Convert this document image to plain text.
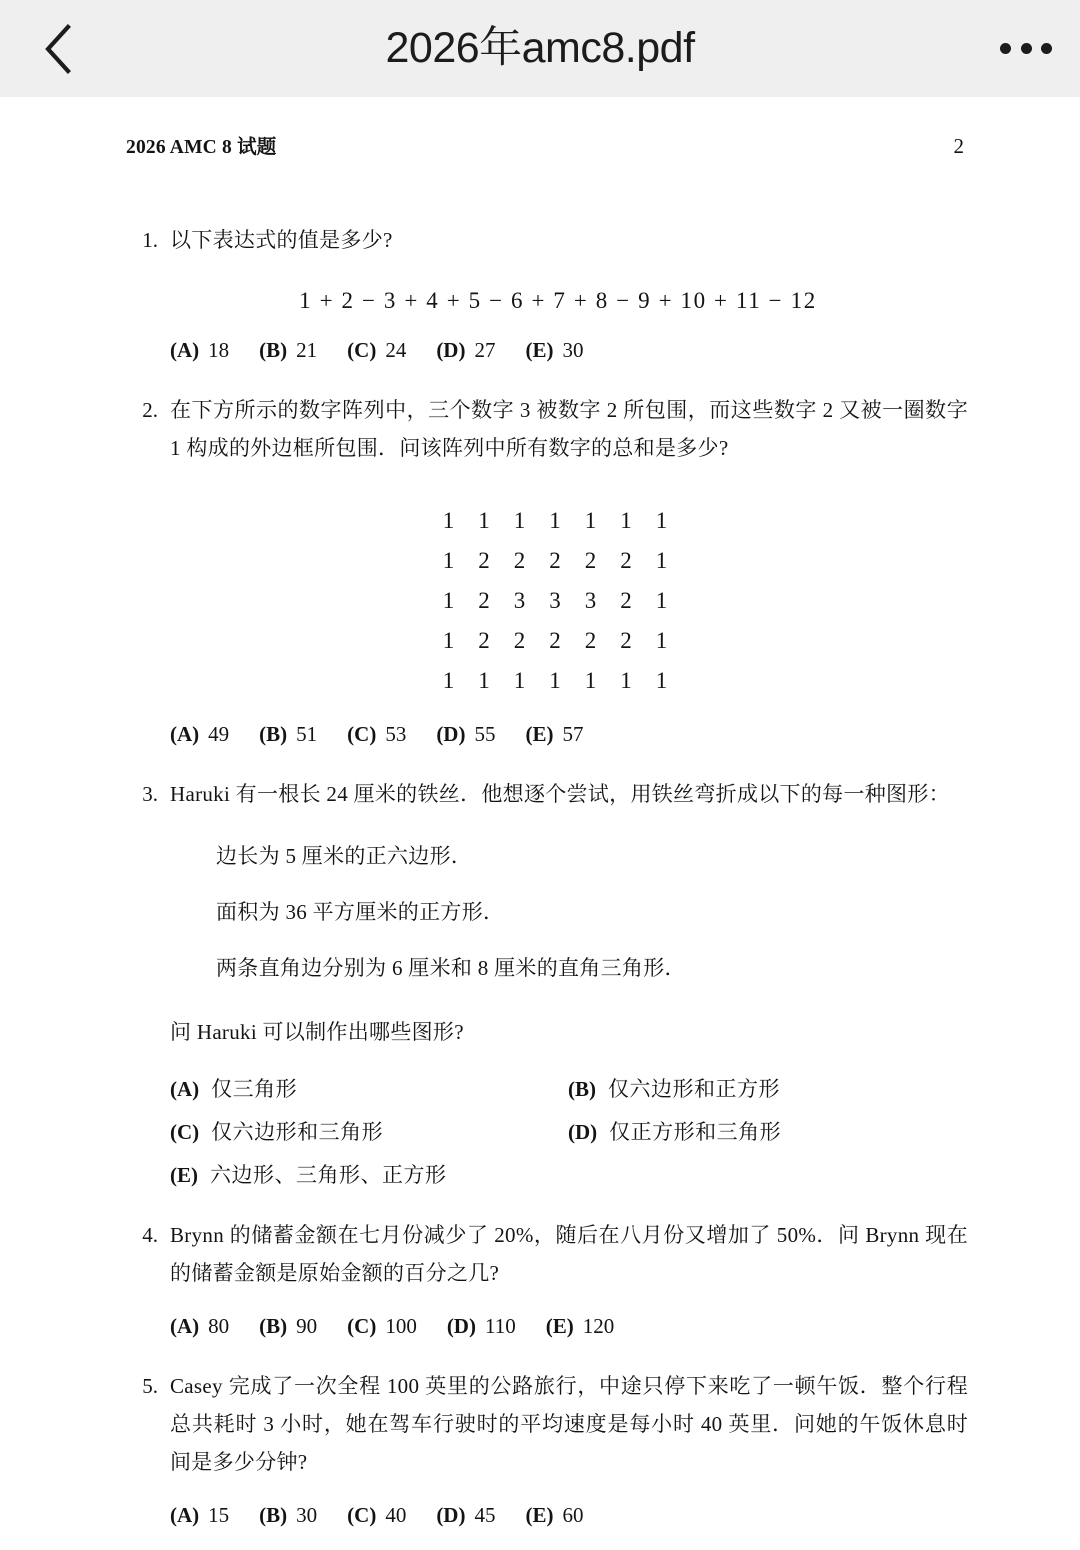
2026年amc8.pdf
2026 AMC 8 试题	2
1. 以下表达式的值是多少?
1 + 2 − 3 + 4 + 5 − 6 + 7 + 8 − 9 + 10 + 11 − 12
(A) 18 (B) 21 (C) 24 (D) 27 (E) 30
2. 在下方所示的数字阵列中，三个数字 3 被数字 2 所包围，而这些数字 2 又被一圈数字 1 构成的外边框所包围．问该阵列中所有数字的总和是多少?
1	1	1	1	1	1	1
1	2	2	2	2	2	1
1	2	3	3	3	2	1
1	2	2	2	2	2	1
1	1	1	1	1	1	1
(A) 49 (B) 51 (C) 53 (D) 55 (E) 57
3. Haruki 有一根长 24 厘米的铁丝．他想逐个尝试，用铁丝弯折成以下的每一种图形：
边长为 5 厘米的正六边形．
面积为 36 平方厘米的正方形．
两条直角边分别为 6 厘米和 8 厘米的直角三角形．
问 Haruki 可以制作出哪些图形?
(A) 仅三角形	(B) 仅六边形和正方形
(C) 仅六边形和三角形	(D) 仅正方形和三角形
(E) 六边形、三角形、正方形
4. Brynn 的储蓄金额在七月份减少了 20%，随后在八月份又增加了 50%．问 Brynn 现在的储蓄金额是原始金额的百分之几?
(A) 80 (B) 90 (C) 100 (D) 110 (E) 120
5. Casey 完成了一次全程 100 英里的公路旅行，中途只停下来吃了一顿午饭．整个行程总共耗时 3 小时，她在驾车行驶时的平均速度是每小时 40 英里．问她的午饭休息时间是多少分钟?
(A) 15 (B) 30 (C) 40 (D) 45 (E) 60
